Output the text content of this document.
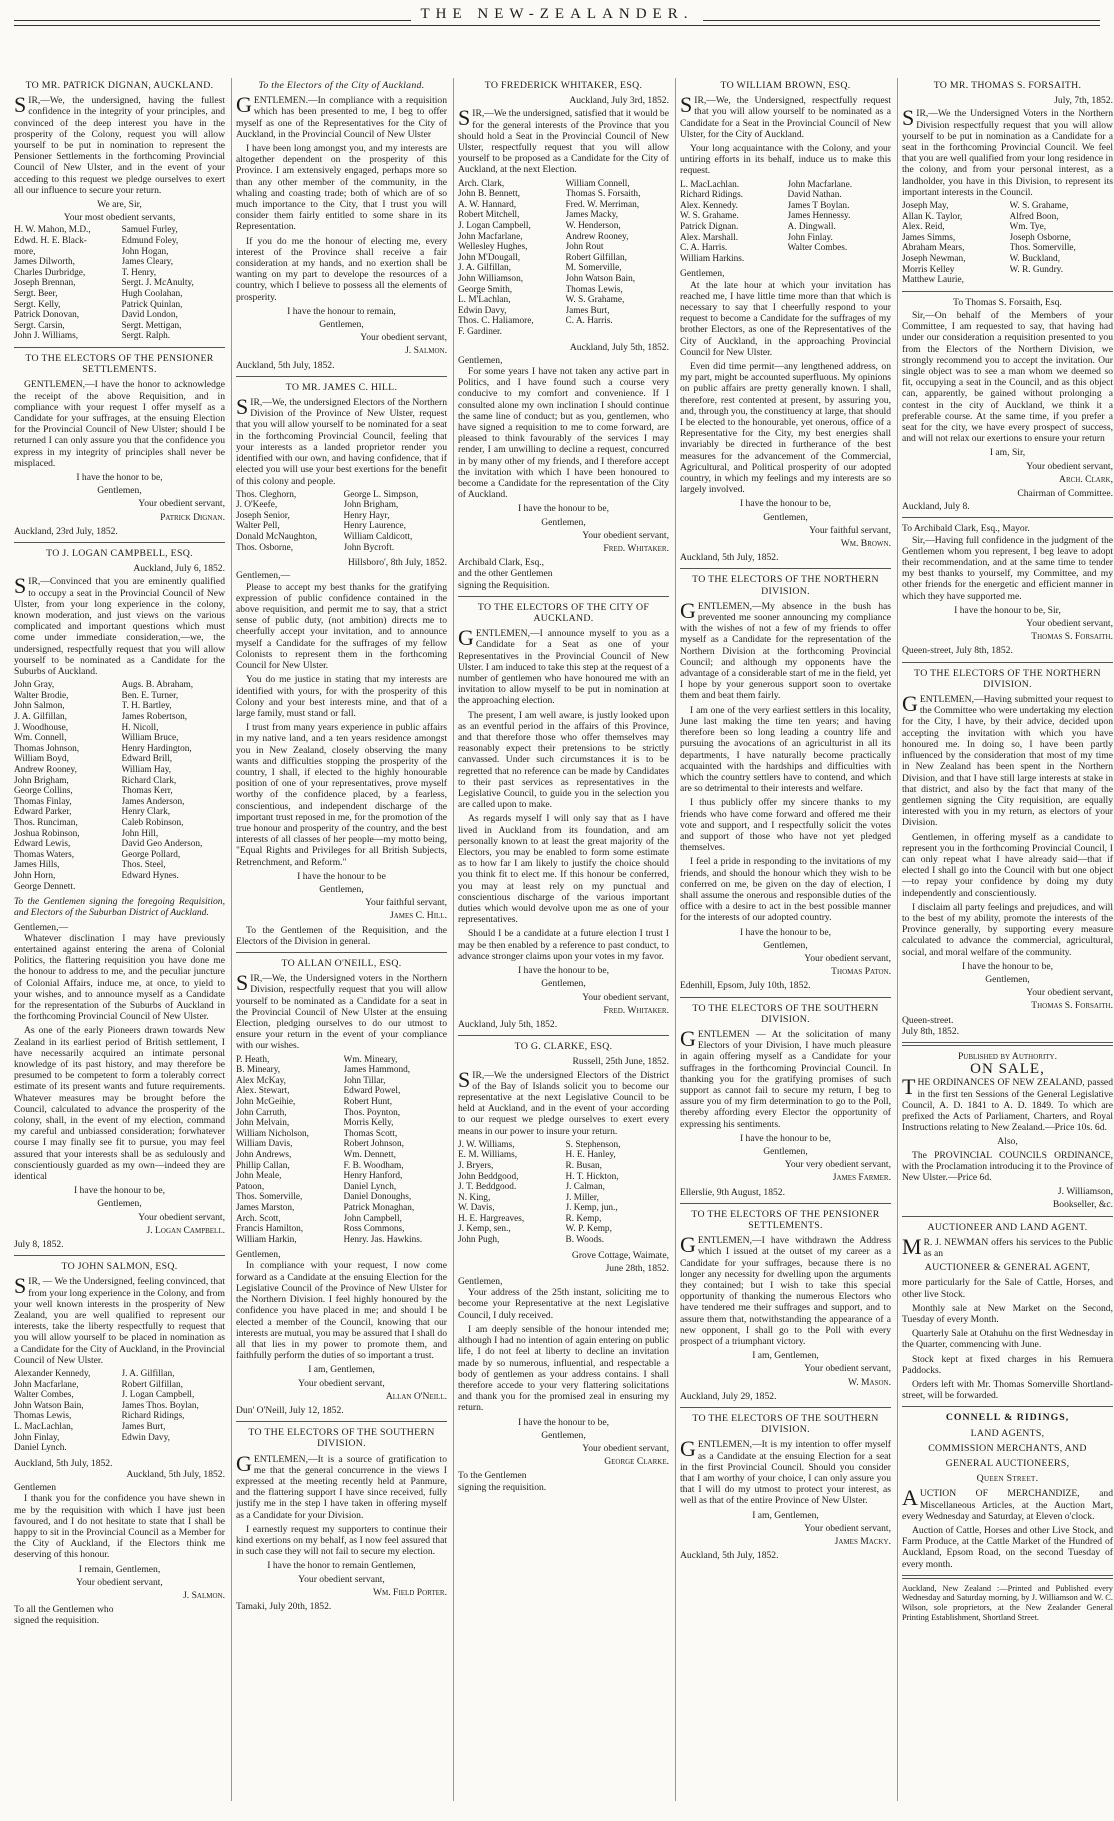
THE NEW-ZEALANDER.
TO MR. PATRICK DIGNAN, AUCKLAND.

SIR,—We, the undersigned, having the fullest confidence in the integrity of your principles, and convinced of the deep interest you have in the prosperity of the Colony, request you will allow yourself to be put in nomination to represent the Pensioner Settlements in the forthcoming Provincial Council of New Ulster, and in the event of your acceding to this request we pledge ourselves to exert all our influence to secure your return.

We are, Sir,

Your most obedient servants,

H. W. Mahon, M.D.,	Samuel Furley,
Edwd. H. E. Black-	Edmund Foley,
more,	John Hogan,
James Dilworth,	James Cleary,
Charles Durbridge,	T. Henry,
Joseph Brennan,	Sergt. J. McAnulty,
Sergt. Beer,	Hugh Coolahan,
Sergt. Kelly,	Patrick Quinlan,
Patrick Donovan,	David London,
Sergt. Carsin,	Sergt. Mettigan,
John J. Williams,	Sergt. Ralph.
TO THE ELECTORS OF THE PENSIONER SETTLEMENTS.

GENTLEMEN,—I have the honor to acknowledge the receipt of the above Requisition, and in compliance with your request I offer myself as a Candidate for your suffrages, at the ensuing Election for the Provincial Council of New Ulster; should I be returned I can only assure you that the confidence you express in my integrity of principles shall never be misplaced.

I have the honor to be,

Gentlemen,

Your obedient servant,

Patrick Dignan.

Auckland, 23rd July, 1852.

TO J. LOGAN CAMPBELL, ESQ.

Auckland, July 6, 1852.

SIR,—Convinced that you are eminently qualified to occupy a seat in the Provincial Council of New Ulster, from your long experience in the colony, known moderation, and just views on the various complicated and important questions which must come under immediate consideration,—we, the undersigned, respectfully request that you will allow yourself to be nominated as a Candidate for the Suburbs of Auckland.

John Gray,	Augs. B. Abraham,
Walter Brodie,	Ben. E. Turner,
John Salmon,	T. H. Bartley,
J. A. Gilfillan,	James Robertson,
J. Woodhouse,	H. Nicoll,
Wm. Connell,	William Bruce,
Thomas Johnson,	Henry Hardington,
William Boyd,	Edward Brill,
Andrew Rooney,	William Hay,
John Brigham,	Richard Clark,
George Collins,	Thomas Kerr,
Thomas Finlay,	James Anderson,
Edward Parker,	Henry Clark,
Thos. Runciman,	Caleb Robinson,
Joshua Robinson,	John Hill,
Edward Lewis,	David Geo Anderson,
Thomas Waters,	George Pollard,
James Hills,	Thos. Steel,
John Horn,	Edward Hynes.
George Dennett.

To the Gentlemen signing the foregoing Requisition, and Electors of the Suburban District of Auckland.

Gentlemen,—

Whatever disclination I may have previously entertained against entering the arena of Colonial Politics, the flattering requisition you have done me the honour to address to me, and the peculiar juncture of Colonial Affairs, induce me, at once, to yield to your wishes, and to announce myself as a Candidate for the representation of the Suburbs of Auckland in the forthcoming Provincial Council of New Ulster.

As one of the early Pioneers drawn towards New Zealand in its earliest period of British settlement, I have necessarily acquired an intimate personal knowledge of its past history, and may therefore be presumed to be competent to form a tolerably correct estimate of its present wants and future requirements. Whatever measures may be brought before the Council, calculated to advance the prosperity of the colony, shall, in the event of my election, command my careful and unbiassed consideration; forwhatever course I may finally see fit to pursue, you may feel assured that your interests shall be as sedulously and conscientiously guarded as my own—indeed they are identical

I have the honour to be,

Gentlemen,

Your obedient servant,

J. Logan Campbell.

July 8, 1852.

TO JOHN SALMON, ESQ.

SIR, — We the Undersigned, feeling convinced, that from your long experience in the Colony, and from your well known interests in the prosperity of New Zealand, you are well qualified to represent our interests, take the liberty respectfully to request that you will allow yourself to be placed in nomination as a Candidate for the City of Auckland, in the Provincial Council of New Ulster.

Alexander Kennedy,	J. A. Gilfillan,
John Macfarlane,	Robert Gilfillan,
Walter Combes,	J. Logan Campbell,
John Watson Bain,	James Thos. Boylan,
Thomas Lewis,	Richard Ridings,
L. MacLachlan,	James Burt,
John Finlay,	Edwin Davy,
Daniel Lynch.

Auckland, 5th July, 1852.

Auckland, 5th July, 1852.

Gentlemen

I thank you for the confidence you have shewn in me by the requisition with which I have just been favoured, and I do not hesitate to state that I shall be happy to sit in the Provincial Council as a Member for the City of Auckland, if the Electors think me deserving of this honour.

I remain, Gentlemen,

Your obedient servant,

J. Salmon.

To all the Gentlemen who

signed the requisition.

To the Electors of the City of Auckland.

GENTLEMEN.—In compliance with a requisition which has been presented to me, I beg to offer myself as one of the Representatives for the City of Auckland, in the Provincial Council of New Ulster

I have been long amongst you, and my interests are altogether dependent on the prosperity of this Province. I am extensively engaged, perhaps more so than any other member of the community, in the whaling and coasting trade; both of which are of so much importance to the City, that I trust you will consider them fairly entitled to some share in its Representation.

If you do me the honour of electing me, every interest of the Province shall receive a fair consideration at my hands, and no exertion shall be wanting on my part to develope the resources of a country, which I believe to possess all the elements of prosperity.

I have the honour to remain,

Gentlemen,

Your obedient servant,

J. Salmon.

Auckland, 5th July, 1852.

TO MR. JAMES C. HILL.

SIR,—We, the undersigned Electors of the Northern Division of the Province of New Ulster, request that you will allow yourself to be nominated for a seat in the forthcoming Provincial Council, feeling that your interests as a landed proprietor render you identified with our own, and having confidence, that if elected you will use your best exertions for the benefit of this colony and people.

Thos. Cleghorn,	George L. Simpson,
J. O'Keefe,	John Brigham,
Joseph Senior,	Henry Hayr,
Walter Pell,	Henry Laurence,
Donald McNaughton,	William Caldicott,
Thos. Osborne,	John Bycroft.

Hillsboro', 8th July, 1852.

Gentlemen,—

Please to accept my best thanks for the gratifying expression of public confidence contained in the above requisition, and permit me to say, that a strict sense of public duty, (not ambition) directs me to cheerfully accept your invitation, and to announce myself a Candidate for the suffrages of my fellow Colonists to represent them in the forthcoming Council for New Ulster.

You do me justice in stating that my interests are identified with yours, for with the prosperity of this Colony and your best interests mine, and that of a large family, must stand or fall.

I trust from many years experience in public affairs in my native land, and a ten years residence amongst you in New Zealand, closely observing the many wants and difficulties stopping the prosperity of the country, I shall, if elected to the highly honourable position of one of your representatives, prove myself worthy of the confidence placed, by a fearless, conscientious, and independent discharge of the important trust reposed in me, for the promotion of the true honour and prosperity of the country, and the best interests of all classes of her people—my motto being, "Equal Rights and Privileges for all British Subjects, Retrenchment, and Reform."

I have the honour to be

Gentlemen,

Your faithful servant,

James C. Hill.

To the Gentlemen of the Requisition, and the Electors of the Division in general.

TO ALLAN O'NEILL, ESQ.

SIR,—We, the Undersigned voters in the Northern Division, respectfully request that you will allow yourself to be nominated as a Candidate for a seat in the Provincial Council of New Ulster at the ensuing Election, pledging ourselves to do our utmost to ensure your return in the event of your compliance with our wishes.

P. Heath,	Wm. Mineary,
B. Mineary,	James Hammond,
Alex McKay,	John Tillar,
Alex. Stewart,	Edward Powel,
John McGeihie,	Robert Hunt,
John Carruth,	Thos. Poynton,
John Melvain,	Morris Kelly,
William Nicholson,	Thomas Scott,
William Davis,	Robert Johnson,
John Andrews,	Wm. Dennett,
Phillip Callan,	F. B. Woodham,
John Meale,	Henry Hanford,
Patoon,	Daniel Lynch,
Thos. Somerville,	Daniel Donoughs,
James Marston,	Patrick Monaghan,
Arch. Scott,	John Campbell,
Francis Hamilton,	Ross Commons,
William Harkin,	Henry. Jas. Hawkins.

Gentlemen,

In compliance with your request, I now come forward as a Candidate at the ensuing Election for the Legislative Council of the Province of New Ulster for the Northern Division. I feel highly honoured by the confidence you have placed in me; and should I be elected a member of the Council, knowing that our interests are mutual, you may be assured that I shall do all that lies in my power to promote them, and faithfully perform the duties of so important a trust.

I am, Gentlemen,

Your obedient servant,

Allan O'Neill.

Dun' O'Neill, July 12, 1852.

TO THE ELECTORS OF THE SOUTHERN DIVISION.

GENTLEMEN,—It is a source of gratification to me that the general concurrence in the views I expressed at the meeting recently held at Panmure, and the flattering support I have since received, fully justify me in the step I have taken in offering myself as a Candidate for your Division.

I earnestly request my supporters to continue their kind exertions on my behalf, as I now feel assured that in such case they will not fail to secure my election.

I have the honor to remain Gentlemen,

Your obedient servant,

Wm. Field Porter.

Tamaki, July 20th, 1852.

TO FREDERICK WHITAKER, ESQ.

Auckland, July 3rd, 1852.

SIR,—We the undersigned, satisfied that it would be for the general interests of the Province that you should hold a Seat in the Provincial Council of New Ulster, respectfully request that you will allow yourself to be proposed as a Candidate for the City of Auckland, at the next Election.

Arch. Clark,	William Connell,
John B. Bennett,	Thomas S. Forsaith,
A. W. Hannard,	Fred. W. Merriman,
Robert Mitchell,	James Macky,
J. Logan Campbell,	W. Henderson,
John Macfarlane,	Andrew Rooney,
Wellesley Hughes,	John Rout
John M'Dougall,	Robert Gilfillan,
J. A. Gilfillan,	M. Somerville,
John Williamson,	John Watson Bain,
George Smith,	Thomas Lewis,
L. M'Lachlan,	W. S. Grahame,
Edwin Davy,	James Burt,
Thos. C. Haliamore,	C. A. Harris.
F. Gardiner.

Auckland, July 5th, 1852.

Gentlemen,

For some years I have not taken any active part in Politics, and I have found such a course very conducive to my comfort and convenience. If I consulted alone my own inclination I should continue the same line of conduct; but as you, gentlemen, who have signed a requisition to me to come forward, are pleased to think favourably of the services I may render, I am unwilling to decline a request, concurred in by many other of my friends, and I therefore accept the invitation with which I have been honoured to become a Candidate for the representation of the City of Auckland.

I have the honour to be,

Gentlemen,

Your obedient servant,

Fred. Whitaker.

Archibald Clark, Esq.,

and the other Gentlemen

signing the Requisition.

TO THE ELECTORS OF THE CITY OF AUCKLAND.

GENTLEMEN,—I announce myself to you as a Candidate for a Seat as one of your Representatives in the Provincial Council of New Ulster. I am induced to take this step at the request of a number of gentlemen who have honoured me with an invitation to allow myself to be put in nomination at the approaching election.

The present, I am well aware, is justly looked upon as an eventful period in the affairs of this Province, and that therefore those who offer themselves may reasonably expect their pretensions to be strictly canvassed. Under such circumstances it is to be regretted that no reference can be made by Candidates to their past services as representatives in the Legislative Council, to guide you in the selection you are called upon to make.

As regards myself I will only say that as I have lived in Auckland from its foundation, and am personally known to at least the great majority of the Electors, you may be enabled to form some estimate as to how far I am likely to justify the choice should you think fit to elect me. If this honour be conferred, you may at least rely on my punctual and conscientious discharge of the various important duties which would devolve upon me as one of your representatives.

Should I be a candidate at a future election I trust I may be then enabled by a reference to past conduct, to advance stronger claims upon your votes in my favor.

I have the honour to be,

Gentlemen,

Your obedient servant,

Fred. Whitaker.

Auckland, July 5th, 1852.

TO G. CLARKE, ESQ.

Russell, 25th June, 1852.

SIR,—We the undersigned Electors of the District of the Bay of Islands solicit you to become our representative at the next Legislative Council to be held at Auckland, and in the event of your according to our request we pledge ourselves to exert every means in our power to insure your return.

J. W. Williams,	S. Stephenson,
E. M. Williams,	H. E. Hanley,
J. Bryers,	R. Busan,
John Beddgood,	H. T. Hickton,
J. T. Beddgood.	J. Calman,
N. King,	J. Miller,
W. Davis,	J. Kemp, jun.,
H. E. Hargreaves,	R. Kemp,
J. Kemp, sen.,	W. P. Kemp,
John Pugh,	B. Woods.

Grove Cottage, Waimate,

June 28th, 1852.

Gentlemen,

Your address of the 25th instant, soliciting me to become your Representative at the next Legislative Council, I duly received.

I am deeply sensible of the honour intended me; although I had no intention of again entering on public life, I do not feel at liberty to decline an invitation made by so numerous, influential, and respectable a body of gentlemen as your address contains. I shall therefore accede to your very flattering solicitations and thank you for the promised zeal in ensuring my return.

I have the honour to be,

Gentlemen,

Your obedient servant,

George Clarke.

To the Gentlemen

signing the requisition.

TO WILLIAM BROWN, ESQ.

SIR,—We, the Undersigned, respectfully request that you will allow yourself to be nominated as a Candidate for a Seat in the Provincial Council of New Ulster, for the City of Auckland.

Your long acquaintance with the Colony, and your untiring efforts in its behalf, induce us to make this request.

L. MacLachlan.	John Macfarlane.
Richard Ridings.	David Nathan.
Alex. Kennedy.	James T Boylan.
W. S. Grahame.	James Hennessy.
Patrick Dignan.	A. Dingwall.
Alex. Marshall.	John Finlay.
C. A. Harris.	Walter Combes.
William Harkins.

Gentlemen,

At the late hour at which your invitation has reached me, I have little time more than that which is necessary to say that I cheerfully respond to your request to become a Candidate for the suffrages of my brother Electors, as one of the Representatives of the City of Auckland, in the approaching Provincial Council for New Ulster.

Even did time permit—any lengthened address, on my part, might be accounted superfluous. My opinions on public affairs are pretty generally known. I shall, therefore, rest contented at present, by assuring you, and, through you, the constituency at large, that should I be elected to the honourable, yet onerous, office of a Representative for the City, my best energies shall invariably be directed in furtherance of the best measures for the advancement of the Commercial, Agricultural, and Political prosperity of our adopted country, in which my feelings and my interests are so largely involved.

I have the honour to be,

Gentlemen,

Your faithful servant,

Wm. Brown.

Auckland, 5th July, 1852.

TO THE ELECTORS OF THE NORTHERN DIVISION.

GENTLEMEN,—My absence in the bush has prevented me sooner announcing my compliance with the wishes of not a few of my friends to offer myself as a Candidate for the representation of the Northern Division at the forthcoming Provincial Council; and although my opponents have the advantage of a considerable start of me in the field, yet I hope by your generous support soon to overtake them and beat them fairly.

I am one of the very earliest settlers in this locality, June last making the time ten years; and having therefore been so long leading a country life and pursuing the avocations of an agriculturist in all its departments, I have naturally become practically acquainted with the hardships and difficulties with which the country settlers have to contend, and which are so detrimental to their interests and welfare.

I thus publicly offer my sincere thanks to my friends who have come forward and offered me their vote and support, and I respectfully solicit the votes and support of those who have not yet pledged themselves.

I feel a pride in responding to the invitations of my friends, and should the honour which they wish to be conferred on me, be given on the day of election, I shall assume the onerous and responsible duties of the office with a desire to act in the best possible manner for the interests of our adopted country.

I have the honour to be,

Gentlemen,

Your obedient servant,

Thomas Paton.

Edenhill, Epsom, July 10th, 1852.

TO THE ELECTORS OF THE SOUTHERN DIVISION.

GENTLEMEN — At the solicitation of many Electors of your Division, I have much pleasure in again offering myself as a Candidate for your suffrages in the forthcoming Provincial Council. In thanking you for the gratifying promises of such support as cannot fail to secure my return, I beg to assure you of my firm determination to go to the Poll, thereby affording every Elector the opportunity of expressing his sentiments.

I have the honour to be,

Gentlemen,

Your very obedient servant,

James Farmer.

Ellerslie, 9th August, 1852.

TO THE ELECTORS OF THE PENSIONER SETTLEMENTS.

GENTLEMEN,—I have withdrawn the Address which I issued at the outset of my career as a Candidate for your suffrages, because there is no longer any necessity for dwelling upon the arguments they contained; but I wish to take this special opportunity of thanking the numerous Electors who have tendered me their suffrages and support, and to assure them that, notwithstanding the appearance of a new opponent, I shall go to the Poll with every prospect of a triumphant victory.

I am, Gentlemen,

Your obedient servant,

W. Mason.

Auckland, July 29, 1852.

TO THE ELECTORS OF THE SOUTHERN DIVISION.

GENTLEMEN,—It is my intention to offer myself as a Candidate at the ensuing Election for a seat in the first Provincial Council. Should you consider that I am worthy of your choice, I can only assure you that I will do my utmost to protect your interest, as well as that of the entire Province of New Ulster.

I am, Gentlemen,

Your obedient servant,

James Macky.

Auckland, 5th July, 1852.

TO MR. THOMAS S. FORSAITH.

July, 7th, 1852.

SIR,—We the Undersigned Voters in the Northern Division respectfully request that you will allow yourself to be put in nomination as a Candidate for a seat in the forthcoming Provincial Council. We feel that you are well qualified from your long residence in the colony, and from your personal interest, as a landholder, you have in this Division, to represent its important interests in the Council.

Joseph May,	W. S. Grahame,
Allan K. Taylor,	Alfred Boon,
Alex. Reid,	Wm. Tye,
James Simms,	Joseph Osborne,
Abraham Mears,	Thos. Somerville,
Joseph Newman,	W. Buckland,
Morris Kelley	W. R. Gundry.
Matthew Laurie,

To Thomas S. Forsaith, Esq.

Sir,—On behalf of the Members of your Committee, I am requested to say, that having had under our consideration a requisition presented to you from the Electors of the Northern Division, we strongly recommend you to accept the invitation. Our single object was to see a man whom we deemed so fit, occupying a seat in the Council, and as this object can, apparently, be gained without prolonging a contest in the city of Auckland, we think it a preferable course. At the same time, if you prefer a seat for the city, we have every prospect of success, and will not relax our exertions to ensure your return

I am, Sir,

Your obedient servant,

Arch. Clark,

Chairman of Committee.

Auckland, July 8.

To Archibald Clark, Esq., Mayor.

Sir,—Having full confidence in the judgment of the Gentlemen whom you represent, I beg leave to adopt their recommendation, and at the same time to tender my best thanks to yourself, my Committee, and my other friends for the energetic and efficient manner in which they have supported me.

I have the honour to be, Sir,

Your obedient servant,

Thomas S. Forsaith.

Queen-street, July 8th, 1852.

TO THE ELECTORS OF THE NORTHERN DIVISION.

GENTLEMEN,—Having submitted your request to the Committee who were undertaking my election for the City, I have, by their advice, decided upon accepting the invitation with which you have honoured me. In doing so, I have been partly influenced by the consideration that most of my time in New Zealand has been spent in the Northern Division, and that I have still large interests at stake in that district, and also by the fact that many of the gentlemen signing the City requisition, are equally interested with you in my return, as electors of your Division.

Gentlemen, in offering myself as a candidate to represent you in the forthcoming Provincial Council, I can only repeat what I have already said—that if elected I shall go into the Council with but one object—to repay your confidence by doing my duty independently and conscientiously.

I disclaim all party feelings and prejudices, and will to the best of my ability, promote the interests of the Province generally, by supporting every measure calculated to advance the commercial, agricultural, social, and moral welfare of the community.

I have the honour to be,

Gentlemen,

Your obedient servant,

Thomas S. Forsaith.

Queen-street.

July 8th, 1852.

Published by Authority.

ON SALE,

THE ORDINANCES OF NEW ZEALAND, passed in the first ten Sessions of the General Legislative Council, A. D. 1841 to A. D. 1849. To which are prefixed the Acts of Parliament, Charters, and Royal Instructions relating to New Zealand.—Price 10s. 6d.

Also,

The PROVINCIAL COUNCILS ORDINANCE, with the Proclamation introducing it to the Province of New Ulster.—Price 6d.

J. Williamson,

Bookseller, &c.

AUCTIONEER AND LAND AGENT.

M R. J. NEWMAN offers his services to the Public as an

AUCTIONEER & GENERAL AGENT,

more particularly for the Sale of Cattle, Horses, and other live Stock.

Monthly sale at New Market on the Second, Tuesday of every Month.

Quarterly Sale at Otahuhu on the first Wednesday in the Quarter, commencing with June.

Stock kept at fixed charges in his Remuera Paddocks.

Orders left with Mr. Thomas Somerville Shortland-street, will be forwarded.

CONNELL & RIDINGS,
LAND AGENTS,
COMMISSION MERCHANTS, AND
GENERAL AUCTIONEERS,
Queen Street.

AUCTION OF MERCHANDIZE, and Miscellaneous Articles, at the Auction Mart, every Wednesday and Saturday, at Eleven o'clock.

Auction of Cattle, Horses and other Live Stock, and Farm Produce, at the Cattle Market of the Hundred of Auckland, Epsom Road, on the second Tuesday of every month.

Auckland, New Zealand :—Printed and Published every Wednesday and Saturday morning, by J. Williamson and W. C. Wilson, sole proprietors, at the New Zealander General Printing Establishment, Shortland Street.
